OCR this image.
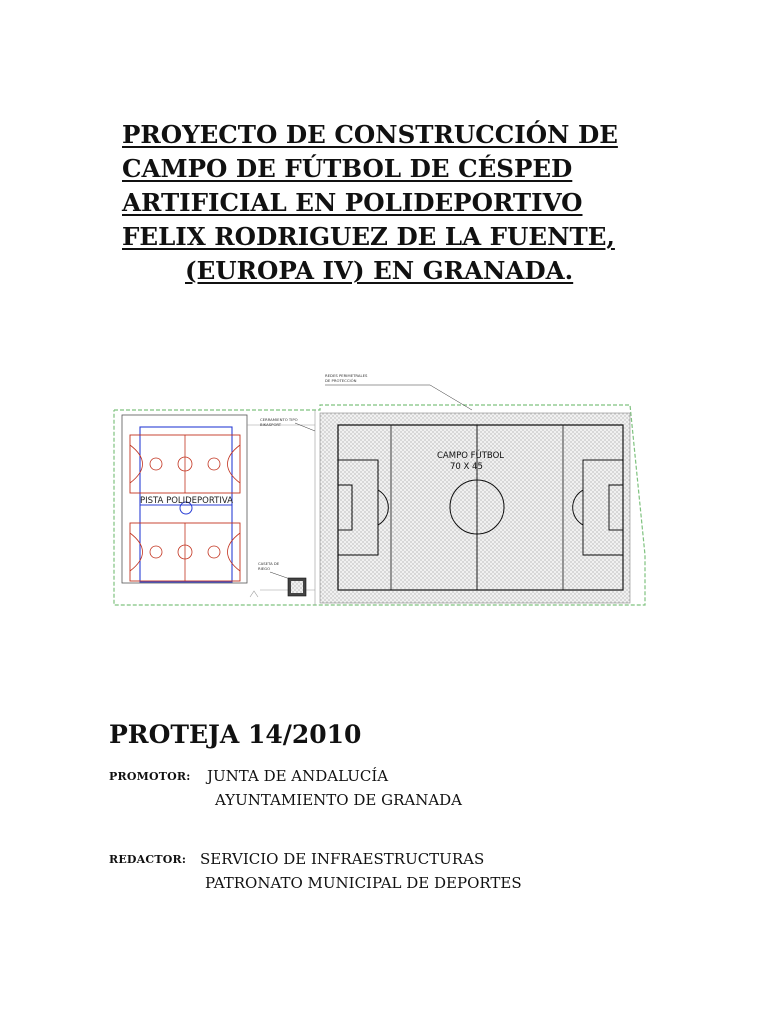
PROYECTO DE CONSTRUCCIÓN DE
CAMPO DE FÚTBOL DE CÉSPED
ARTIFICIAL EN POLIDEPORTIVO
FELIX RODRIGUEZ DE LA FUENTE,
(EUROPA IV) EN GRANADA.
PISTA POLIDEPORTIVA
CERRAMIENTO TIPO
BIKASPORT
CASETA DE
RIEGO
REDES PERIMETRALES
DE PROTECCIÓN
CAMPO FÚTBOL
70 X 45
PROTEJA 14/2010
PROMOTOR: JUNTA DE ANDALUCÍA
AYUNTAMIENTO DE GRANADA
REDACTOR: SERVICIO DE INFRAESTRUCTURAS
PATRONATO MUNICIPAL DE DEPORTES
